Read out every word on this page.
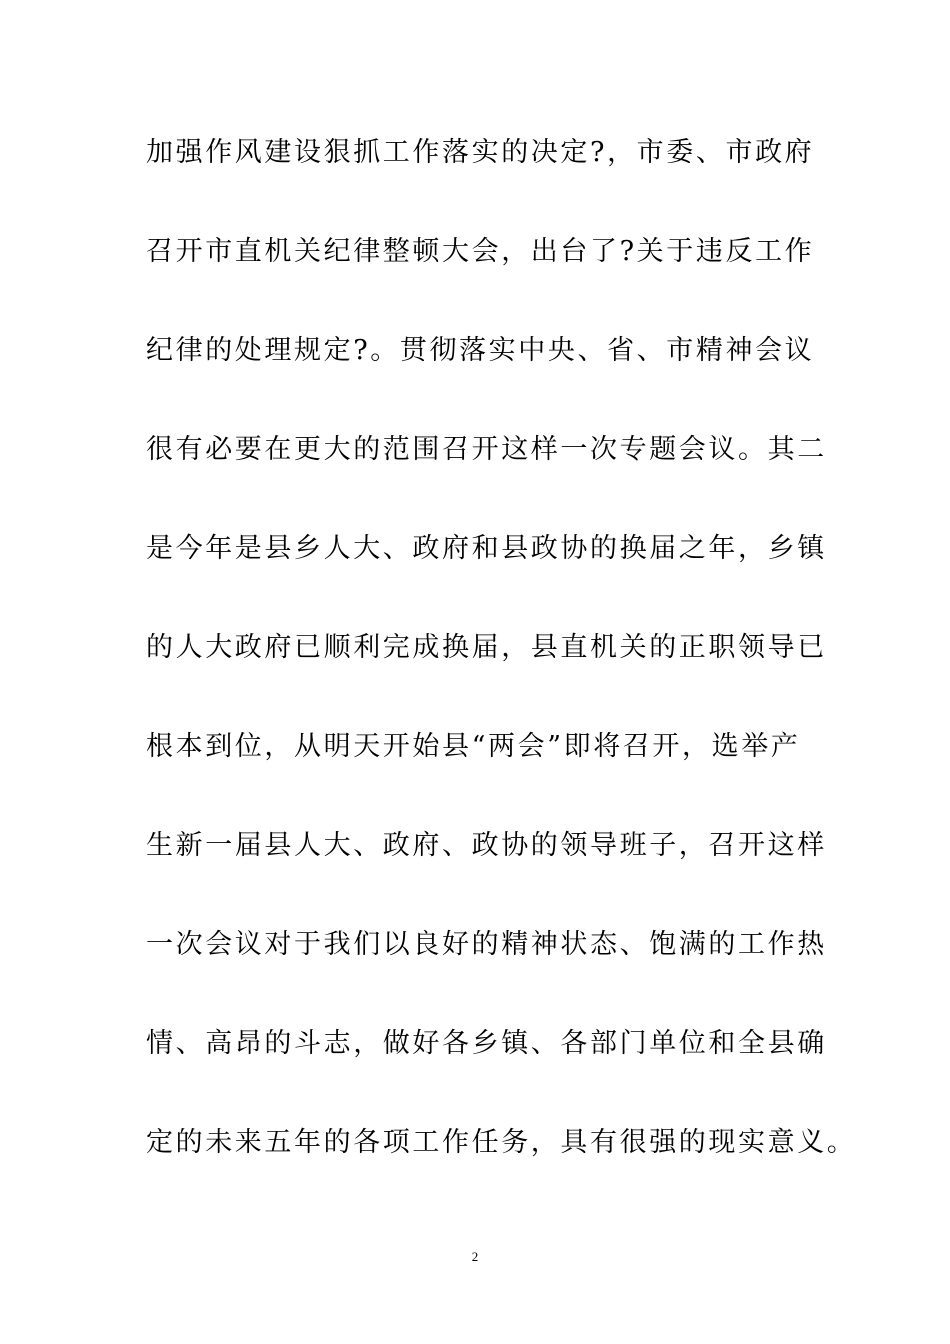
加强作风建设狠抓工作落实的决定?，市委、市政府
召开市直机关纪律整顿大会，出台了?关于违反工作
纪律的处理规定?。贯彻落实中央、省、市精神会议
很有必要在更大的范围召开这样一次专题会议。其二
是今年是县乡人大、政府和县政协的换届之年，乡镇
的人大政府已顺利完成换届，县直机关的正职领导已
根本到位，从明天开始县“两会”即将召开，选举产
生新一届县人大、政府、政协的领导班子，召开这样
一次会议对于我们以良好的精神状态、饱满的工作热
情、高昂的斗志，做好各乡镇、各部门单位和全县确
定的未来五年的各项工作任务，具有很强的现实意义。
2
